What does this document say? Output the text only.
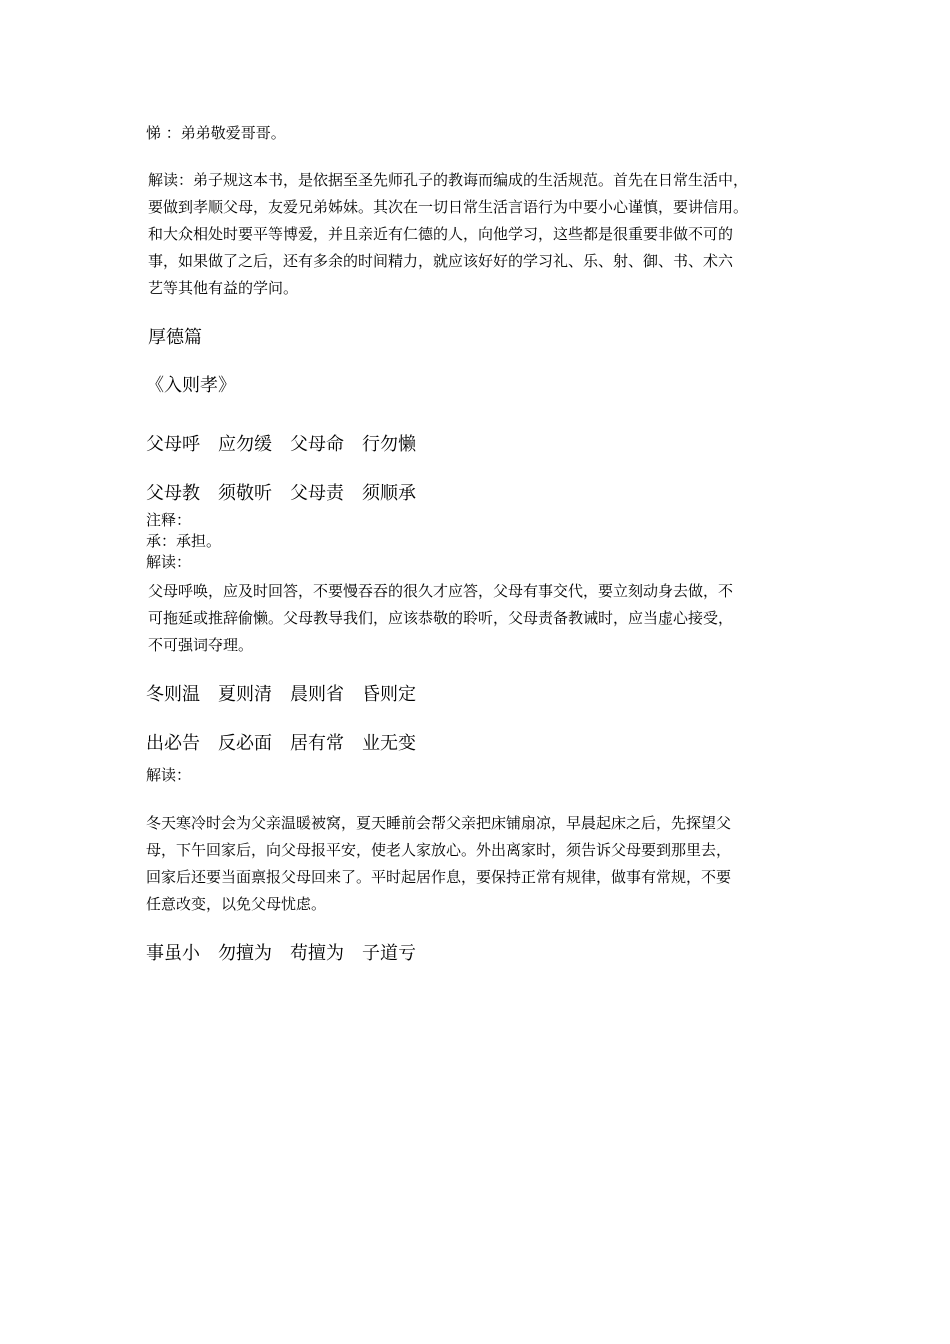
悌 ：弟弟敬爱哥哥。
解读：弟子规这本书，是依据至圣先师孔子的教诲而编成的生活规范。首先在日常生活中，
要做到孝顺父母，友爱兄弟姊妹。其次在一切日常生活言语行为中要小心谨慎，要讲信用。
和大众相处时要平等博爱，并且亲近有仁德的人，向他学习，这些都是很重要非做不可的
事，如果做了之后，还有多余的时间精力，就应该好好的学习礼、乐、射、御、书、术六
艺等其他有益的学问。
厚德篇
《入则孝》
父母呼 应勿缓 父母命 行勿懒
父母教 须敬听 父母责 须顺承
注释：
承：承担。
解读：
父母呼唤，应及时回答，不要慢吞吞的很久才应答，父母有事交代，要立刻动身去做，不
可拖延或推辞偷懒。父母教导我们，应该恭敬的聆听，父母责备教诫时，应当虚心接受，
不可强词夺理。
冬则温 夏则清 晨则省 昏则定
出必告 反必面 居有常 业无变
解读：
冬天寒冷时会为父亲温暖被窝，夏天睡前会帮父亲把床铺扇凉，早晨起床之后，先探望父
母，下午回家后，向父母报平安，使老人家放心。外出离家时，须告诉父母要到那里去，
回家后还要当面禀报父母回来了。平时起居作息，要保持正常有规律，做事有常规，不要
任意改变，以免父母忧虑。
事虽小 勿擅为 苟擅为 子道亏
